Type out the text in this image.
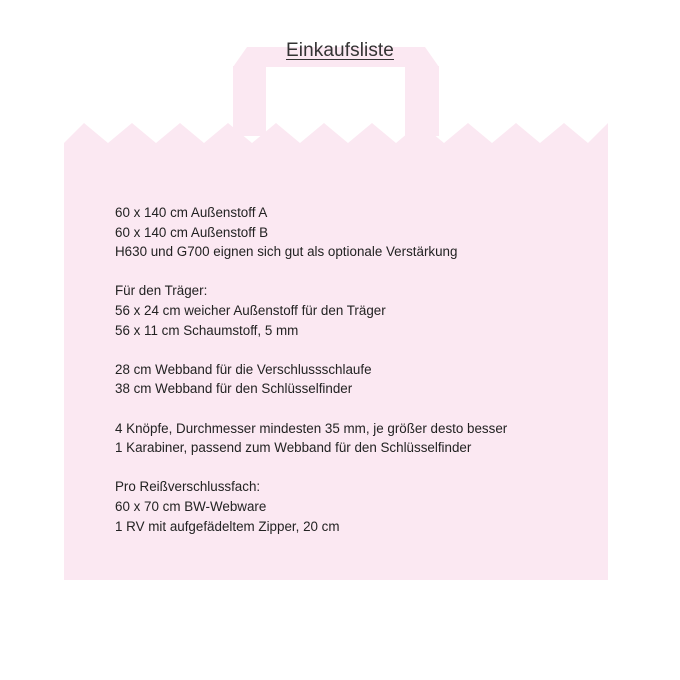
Einkaufsliste
60 x 140 cm Außenstoff A
60 x 140 cm Außenstoff B
H630 und G700 eignen sich gut als optionale Verstärkung
Für den Träger:
56 x 24 cm weicher Außenstoff für den Träger
56 x 11 cm Schaumstoff, 5 mm
28 cm Webband für die Verschlussschlaufe
38 cm Webband für den Schlüsselfinder
4 Knöpfe, Durchmesser mindesten 35 mm, je größer desto besser
1 Karabiner, passend zum Webband für den Schlüsselfinder
Pro Reißverschlussfach:
60 x 70 cm BW-Webware
1 RV mit aufgefädeltem Zipper, 20 cm
